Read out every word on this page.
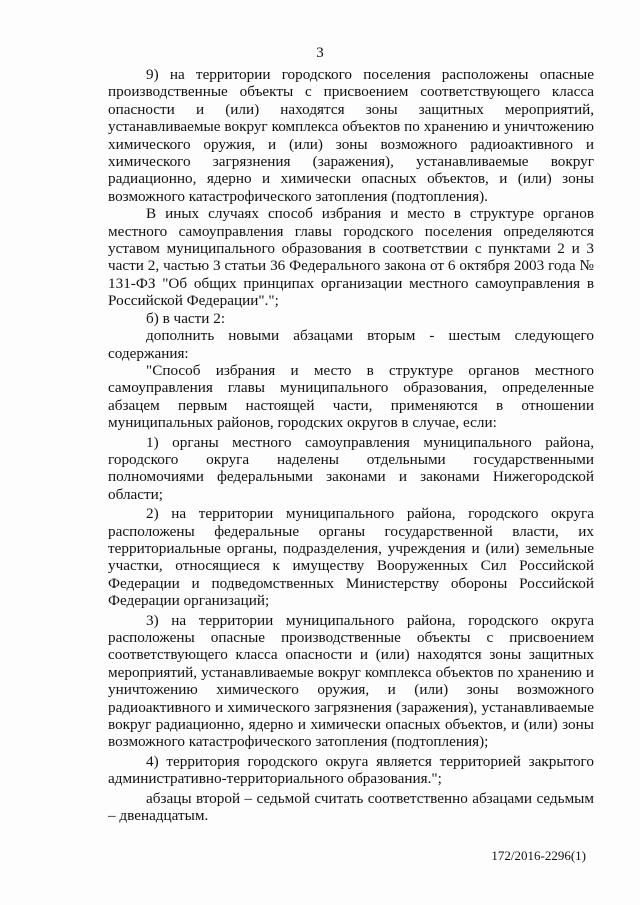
3

9) на территории городского поселения расположены опасные производственные объекты с присвоением соответствующего класса опасности и (или) находятся зоны защитных мероприятий, устанавливаемые вокруг комплекса объектов по хранению и уничтожению химического оружия, и (или) зоны возможного радиоактивного и химического загрязнения (заражения), устанавливаемые вокруг радиационно, ядерно и химически опасных объектов, и (или) зоны возможного катастрофического затопления (подтопления).

В иных случаях способ избрания и место в структуре органов местного самоуправления главы городского поселения определяются уставом муниципального образования в соответствии с пунктами 2 и 3 части 2, частью 3 статьи 36 Федерального закона от 6 октября 2003 года № 131-ФЗ "Об общих принципах организации местного самоуправления в Российской Федерации".";

б) в части 2:

дополнить новыми абзацами вторым - шестым следующего содержания:

"Способ избрания и место в структуре органов местного самоуправления главы муниципального образования, определенные абзацем первым настоящей части, применяются в отношении муниципальных районов, городских округов в случае, если:

1) органы местного самоуправления муниципального района, городского округа наделены отдельными государственными полномочиями федеральными законами и законами Нижегородской области;

2) на территории муниципального района, городского округа расположены федеральные органы государственной власти, их территориальные органы, подразделения, учреждения и (или) земельные участки, относящиеся к имуществу Вооруженных Сил Российской Федерации и подведомственных Министерству обороны Российской Федерации организаций;

3) на территории муниципального района, городского округа расположены опасные производственные объекты с присвоением соответствующего класса опасности и (или) находятся зоны защитных мероприятий, устанавливаемые вокруг комплекса объектов по хранению и уничтожению химического оружия, и (или) зоны возможного радиоактивного и химического загрязнения (заражения), устанавливаемые вокруг радиационно, ядерно и химически опасных объектов, и (или) зоны возможного катастрофического затопления (подтопления);

4) территория городского округа является территорией закрытого административно-территориального образования.";

абзацы второй – седьмой считать соответственно абзацами седьмым – двенадцатым.

172/2016-2296(1)
